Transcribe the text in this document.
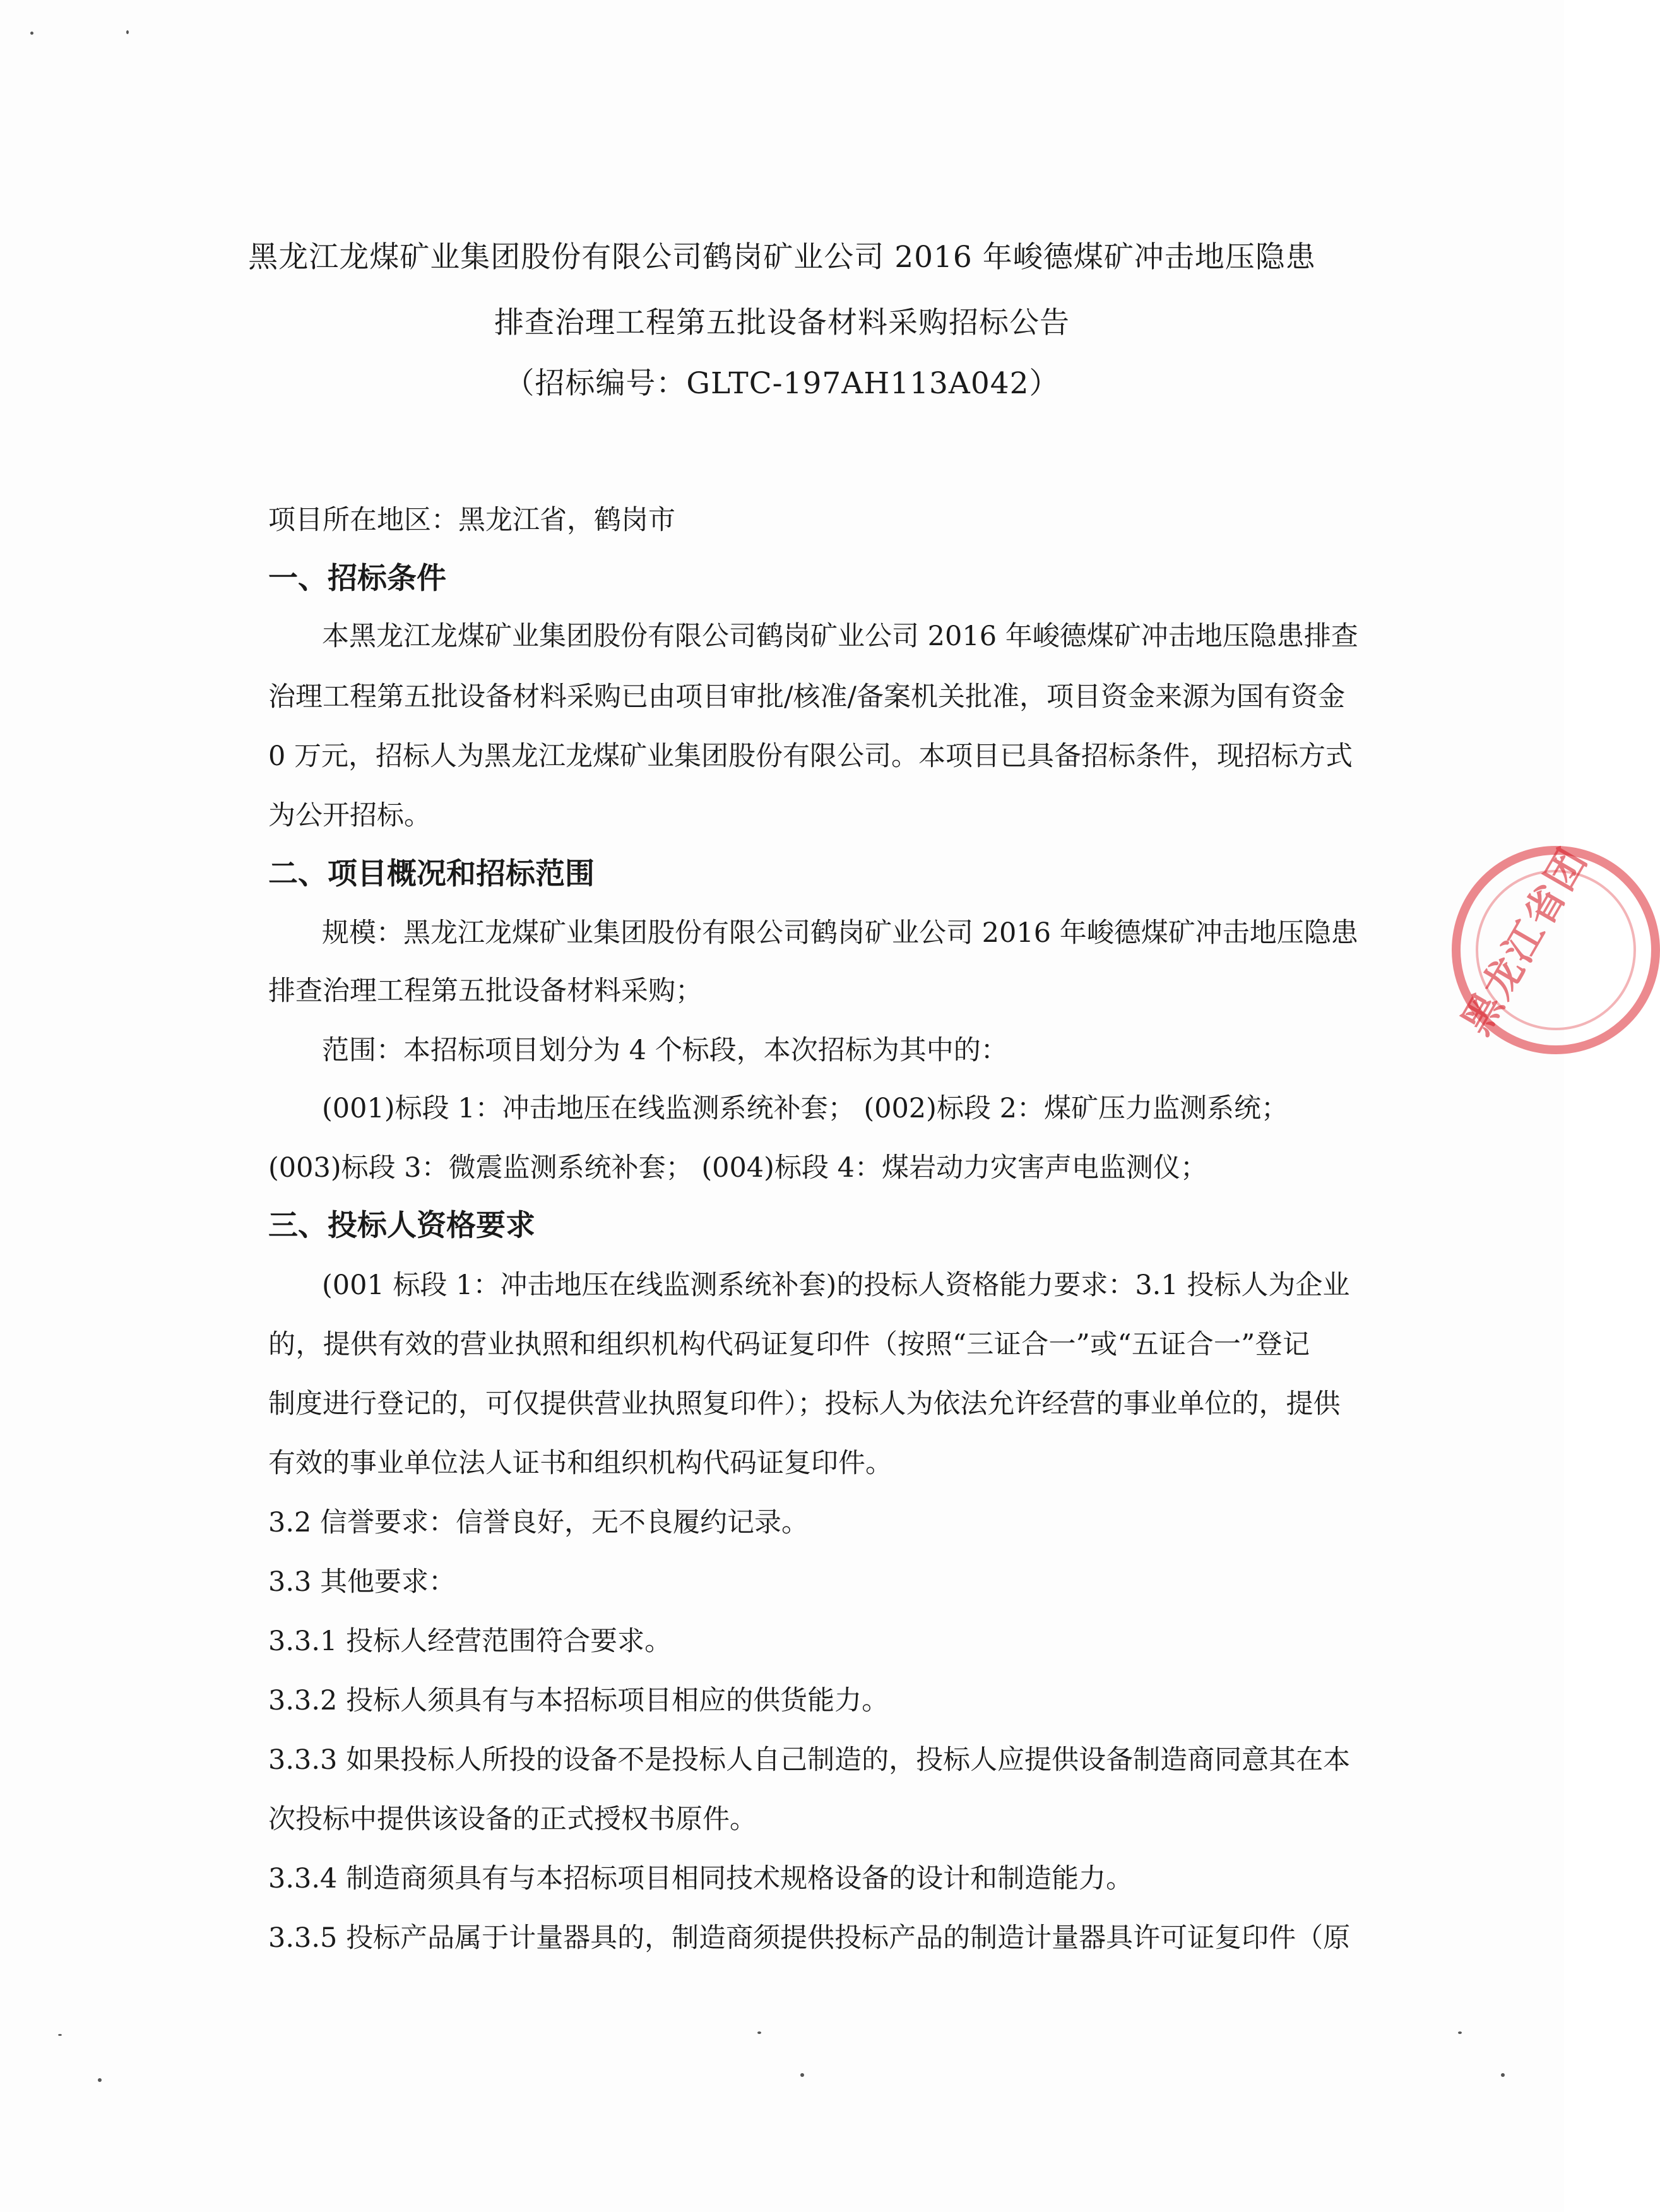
黑龙江龙煤矿业集团股份有限公司鹤岗矿业公司 2016 年峻德煤矿冲击地压隐患
排查治理工程第五批设备材料采购招标公告
（招标编号：GLTC-197AH113A042）
项目所在地区：黑龙江省，鹤岗市
一、招标条件
本黑龙江龙煤矿业集团股份有限公司鹤岗矿业公司 2016 年峻德煤矿冲击地压隐患排查
治理工程第五批设备材料采购已由项目审批/核准/备案机关批准，项目资金来源为国有资金
0 万元，招标人为黑龙江龙煤矿业集团股份有限公司。本项目已具备招标条件，现招标方式
为公开招标。
二、项目概况和招标范围
规模：黑龙江龙煤矿业集团股份有限公司鹤岗矿业公司 2016 年峻德煤矿冲击地压隐患
排查治理工程第五批设备材料采购；
范围：本招标项目划分为 4 个标段，本次招标为其中的：
(001)标段 1：冲击地压在线监测系统补套； (002)标段 2：煤矿压力监测系统；
(003)标段 3：微震监测系统补套； (004)标段 4：煤岩动力灾害声电监测仪；
三、投标人资格要求
(001 标段 1：冲击地压在线监测系统补套)的投标人资格能力要求：3.1 投标人为企业
的，提供有效的营业执照和组织机构代码证复印件（按照“三证合一”或“五证合一”登记
制度进行登记的，可仅提供营业执照复印件）；投标人为依法允许经营的事业单位的，提供
有效的事业单位法人证书和组织机构代码证复印件。
3.2 信誉要求：信誉良好，无不良履约记录。
3.3 其他要求：
3.3.1 投标人经营范围符合要求。
3.3.2 投标人须具有与本招标项目相应的供货能力。
3.3.3 如果投标人所投的设备不是投标人自己制造的，投标人应提供设备制造商同意其在本
次投标中提供该设备的正式授权书原件。
3.3.4 制造商须具有与本招标项目相同技术规格设备的设计和制造能力。
3.3.5 投标产品属于计量器具的，制造商须提供投标产品的制造计量器具许可证复印件（原
黑龙江省团
